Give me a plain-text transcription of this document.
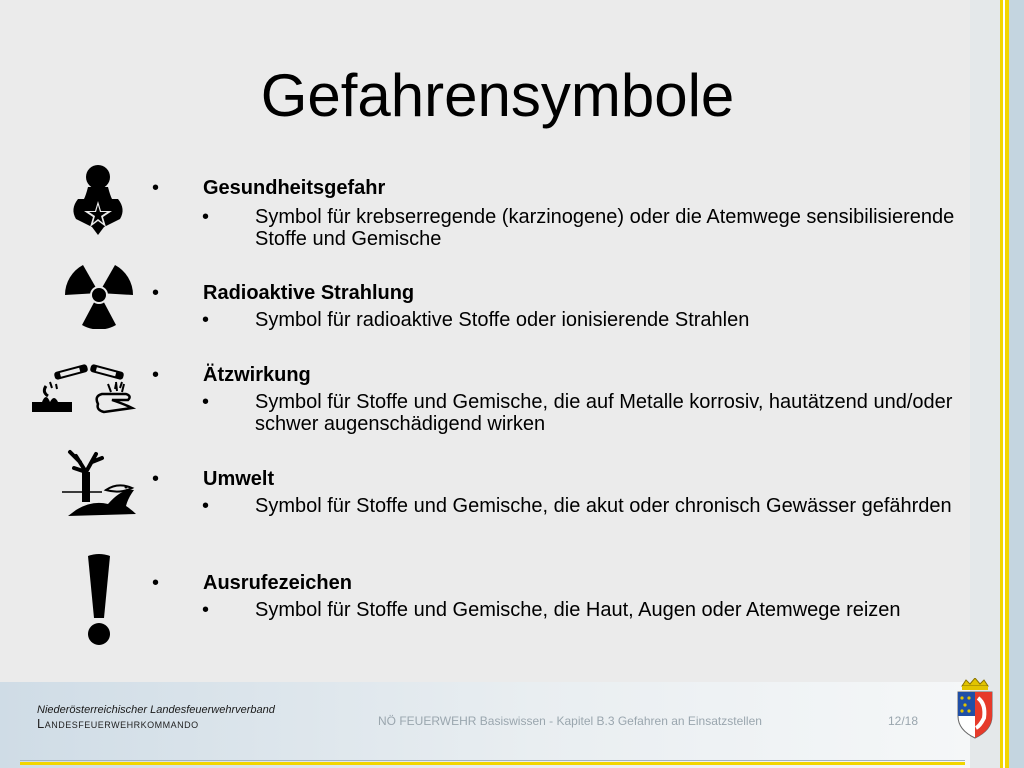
Gefahrensymbole
• Gesundheitsgefahr
• Symbol für krebserregende (karzinogene) oder die Atemwege sensibilisierende Stoffe und Gemische
• Radioaktive Strahlung
• Symbol für radioaktive Stoffe oder ionisierende Strahlen
• Ätzwirkung
• Symbol für Stoffe und Gemische, die auf Metalle korrosiv, hautätzend und/oder schwer augenschädigend wirken
• Umwelt
• Symbol für Stoffe und Gemische, die akut oder chronisch Gewässer gefährden
• Ausrufezeichen
• Symbol für Stoffe und Gemische, die Haut, Augen oder Atemwege reizen
Niederösterreichischer Landesfeuerwehrverband
Landesfeuerwehrkommando	NÖ FEUERWEHR Basiswissen - Kapitel B.3 Gefahren an Einsatzstellen	12/18
